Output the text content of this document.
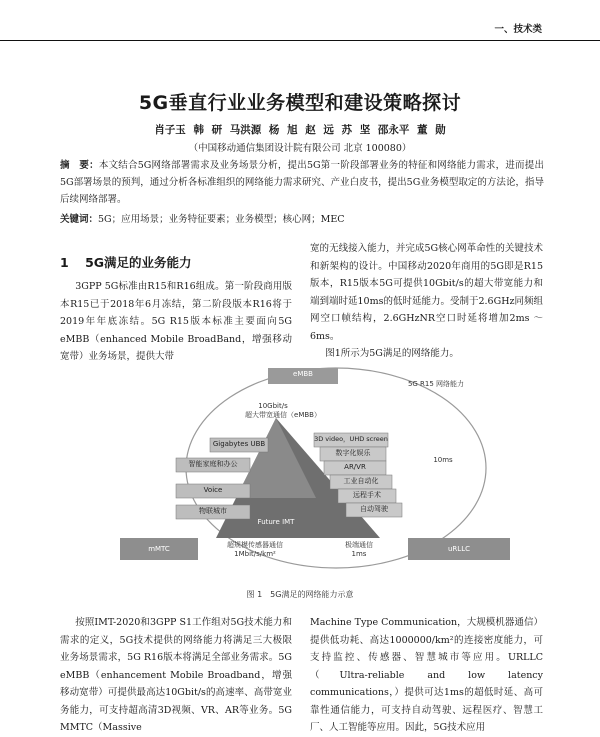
一、技术类
5G垂直行业业务模型和建设策略探讨
肖子玉 韩 研 马洪源 杨 旭 赵 远 苏 坚 邵永平 董 勋
（中国移动通信集团设计院有限公司 北京 100080）
摘　要：本文结合5G网络部署需求及业务场景分析，提出5G第一阶段部署业务的特征和网络能力需求，进而提出5G部署场景的预判，通过分析各标准组织的网络能力需求研究、产业白皮书，提出5G业务模型取定的方法论，指导后续网络部署。
关键词：5G；应用场景；业务特征要素；业务模型；核心网；MEC
1 5G满足的业务能力

3GPP 5G标准由R15和R16组成。第一阶段商用版本R15已于2018年6月冻结，第二阶段版本R16将于2019年年底冻结。5G R15版本标准主要面向5G eMBB（enhanced Mobile BroadBand，增强移动宽带）业务场景，提供大带

宽的无线接入能力，并完成5G核心网革命性的关键技术和新架构的设计。中国移动2020年商用的5G即是R15版本，R15版本5G可提供10Gbit/s的超大带宽能力和端到端时延10ms的低时延能力。受制于2.6GHz同频组网空口帧结构，2.6GHzNR空口时延将增加2ms ～ 6ms。

图1所示为5G满足的网络能力。

eMBB
5G R15 网络能力
10Gbit/s
超大带宽通信（eMBB）
Gigabytes UBB
智能家庭和办公
Voice
物联城市
3D video，UHD screen
数字化娱乐
AR/VR
工业自动化
远程手术
自动驾驶
10ms
Future IMT
mMTC	uRLLC
超规模传感器通信
1Mbit/s/km²
极端通信
1ms
图 1　5G满足的网络能力示意

按照IMT-2020和3GPP S1工作组对5G技术能力和需求的定义，5G技术提供的网络能力将满足三大极限业务场景需求，5G R16版本将满足全部业务需求。5G eMBB（enhancement Mobile Broadband，增强移动宽带）可提供最高达10Gbit/s的高速率、高带宽业务能力，可支持超高清3D视频、VR、AR等业务。5G MMTC（Massive

Machine Type Communication，大规模机器通信）提供低功耗、高达1000000/km²的连接密度能力，可支持监控、传感器、智慧城市等应用。URLLC（Ultra-reliable and low latency communications，）提供可达1ms的超低时延、高可靠性通信能力，可支持自动驾驶、远程医疗、智慧工厂、人工智能等应用。因此，5G技术应用
